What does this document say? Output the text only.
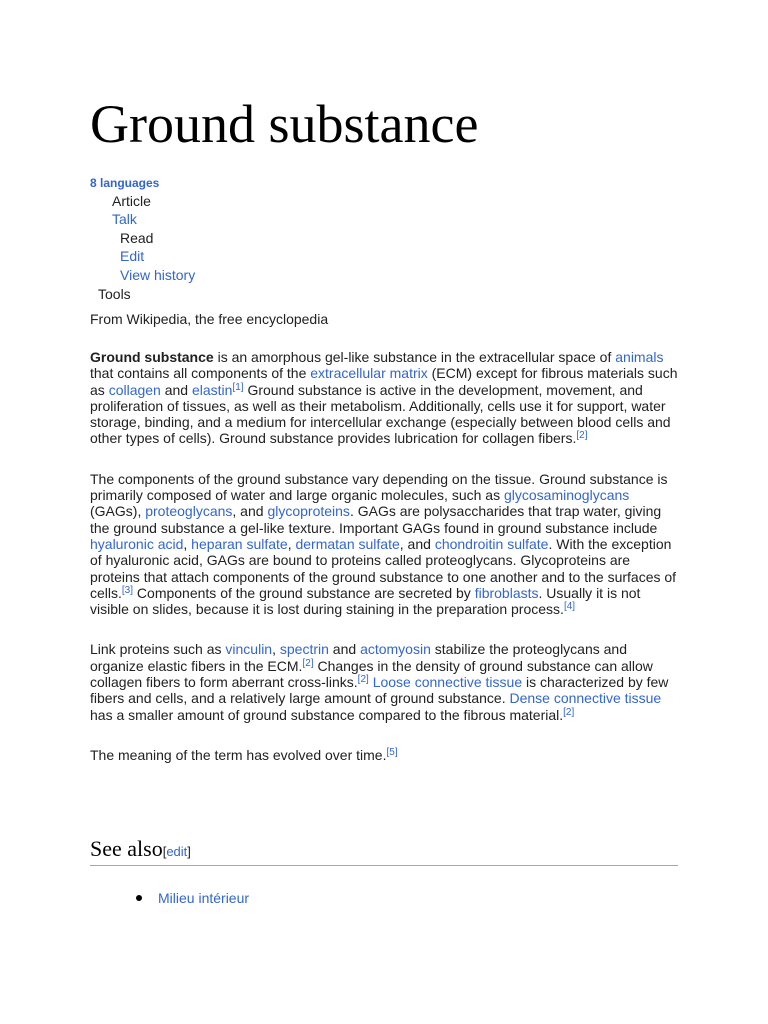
Ground substance
8 languages
Article
Talk
Read
Edit
View history
Tools
From Wikipedia, the free encyclopedia

Ground substance is an amorphous gel-like substance in the extracellular space of animals that contains all components of the extracellular matrix (ECM) except for fibrous materials such as collagen and elastin[1] Ground substance is active in the development, movement, and proliferation of tissues, as well as their metabolism. Additionally, cells use it for support, water storage, binding, and a medium for intercellular exchange (especially between blood cells and other types of cells). Ground substance provides lubrication for collagen fibers.[2]

The components of the ground substance vary depending on the tissue. Ground substance is primarily composed of water and large organic molecules, such as glycosaminoglycans (GAGs), proteoglycans, and glycoproteins. GAGs are polysaccharides that trap water, giving the ground substance a gel-like texture. Important GAGs found in ground substance include hyaluronic acid, heparan sulfate, dermatan sulfate, and chondroitin sulfate. With the exception of hyaluronic acid, GAGs are bound to proteins called proteoglycans. Glycoproteins are proteins that attach components of the ground substance to one another and to the surfaces of cells.[3] Components of the ground substance are secreted by fibroblasts. Usually it is not visible on slides, because it is lost during staining in the preparation process.[4]

Link proteins such as vinculin, spectrin and actomyosin stabilize the proteoglycans and organize elastic fibers in the ECM.[2] Changes in the density of ground substance can allow collagen fibers to form aberrant cross-links.[2] Loose connective tissue is characterized by few fibers and cells, and a relatively large amount of ground substance. Dense connective tissue has a smaller amount of ground substance compared to the fibrous material.[2]

The meaning of the term has evolved over time.[5]

See also[edit]
Milieu intérieur
